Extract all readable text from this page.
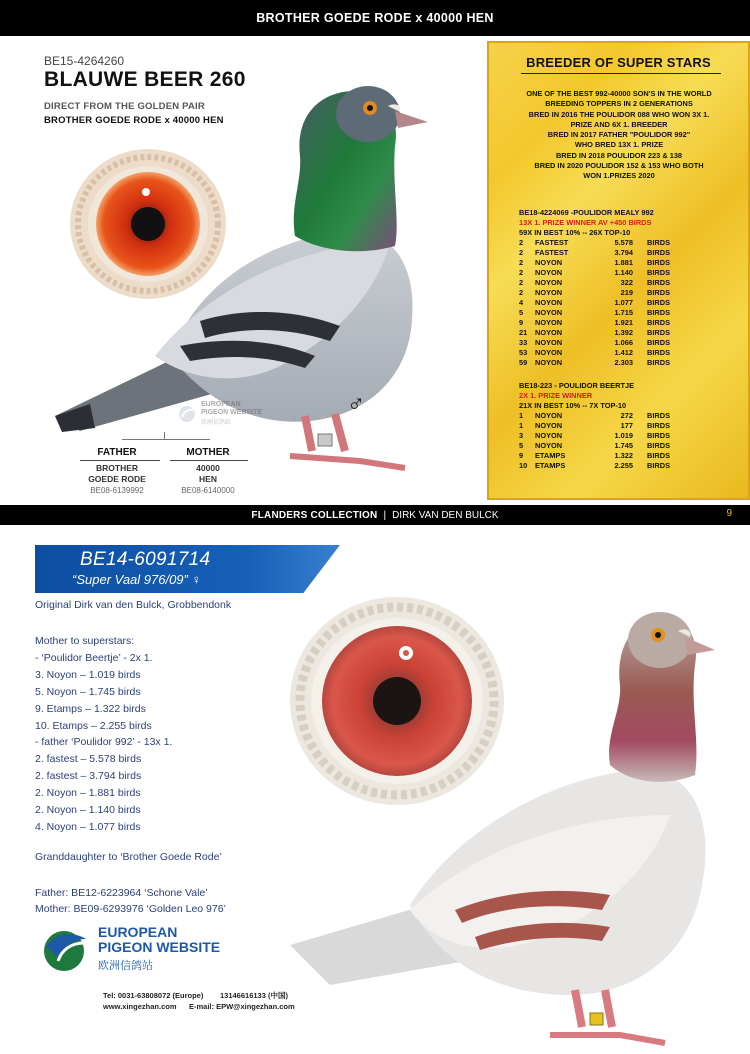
BROTHER GOEDE RODE x 40000 HEN
BE15-4264260
BLAUWE BEER 260
DIRECT FROM THE GOLDEN PAIR
BROTHER GOEDE RODE x 40000 HEN
♂
EUROPEAN
PIGEON WEBSITE
欧洲信鸽站
FATHER	MOTHER
BROTHER
GOEDE RODE
BE08-6139992
40000
HEN
BE08-6140000
BREEDER OF SUPER STARS
ONE OF THE BEST 992-40000 SON'S IN THE WORLD
BREEDING TOPPERS IN 2 GENERATIONS
BRED IN 2016 THE POULIDOR 088 WHO WON 3X 1.
PRIZE AND 6X 1. BREEDER
BRED IN 2017 FATHER "POULIDOR 992"
WHO BRED 13X 1. PRIZE
BRED IN 2018 POULIDOR 223 & 138
BRED IN 2020 POULIDOR 152 & 153 WHO BOTH
WON 1.PRIZES 2020
BE18-4224069 -POULIDOR MEALY 992
13X 1. PRIZE WINNER AV +450 BIRDS
59X IN BEST 10% -- 26X TOP-10
2	FASTEST	5.578	BIRDS
2	FASTEST	3.794	BIRDS
2	NOYON	1.881	BIRDS
2	NOYON	1.140	BIRDS
2	NOYON	322	BIRDS
2	NOYON	219	BIRDS
4	NOYON	1.077	BIRDS
5	NOYON	1.715	BIRDS
9	NOYON	1.921	BIRDS
21	NOYON	1.392	BIRDS
33	NOYON	1.066	BIRDS
53	NOYON	1.412	BIRDS
59	NOYON	2.303	BIRDS
BE18-223 - POULIDOR BEERTJE
2X 1. PRIZE WINNER
21X IN BEST 10% -- 7X TOP-10
1	NOYON	272	BIRDS
1	NOYON	177	BIRDS
3	NOYON	1.019	BIRDS
5	NOYON	1.745	BIRDS
9	ETAMPS	1.322	BIRDS
10	ETAMPS	2.255	BIRDS
FLANDERS COLLECTION | DIRK VAN DEN BULCK	9
BE14-6091714
“Super Vaal 976/09” ♀
Original Dirk van den Bulck, Grobbendonk
Mother to superstars:
- ‘Poulidor Beertje’ - 2x 1.
3. Noyon – 1.019 birds
5. Noyon – 1.745 birds
9. Etamps – 1.322 birds
10. Etamps – 2.255 birds
- father ‘Poulidor 992’ - 13x 1.
2. fastest – 5.578 birds
2. fastest – 3.794 birds
2. Noyon – 1.881 birds
2. Noyon – 1.140 birds
4. Noyon – 1.077 birds
Granddaughter to ‘Brother Goede Rode’
Father: BE12-6223964 ‘Schone Vale’
Mother: BE09-6293976 ‘Golden Leo 976’
EUROPEAN
PIGEON WEBSITE
欧洲信鸽站
Tel: 0031-63808072 (Europe)        13146616133 (中国)
www.xingezhan.com      E-mail: EPW@xingezhan.com
